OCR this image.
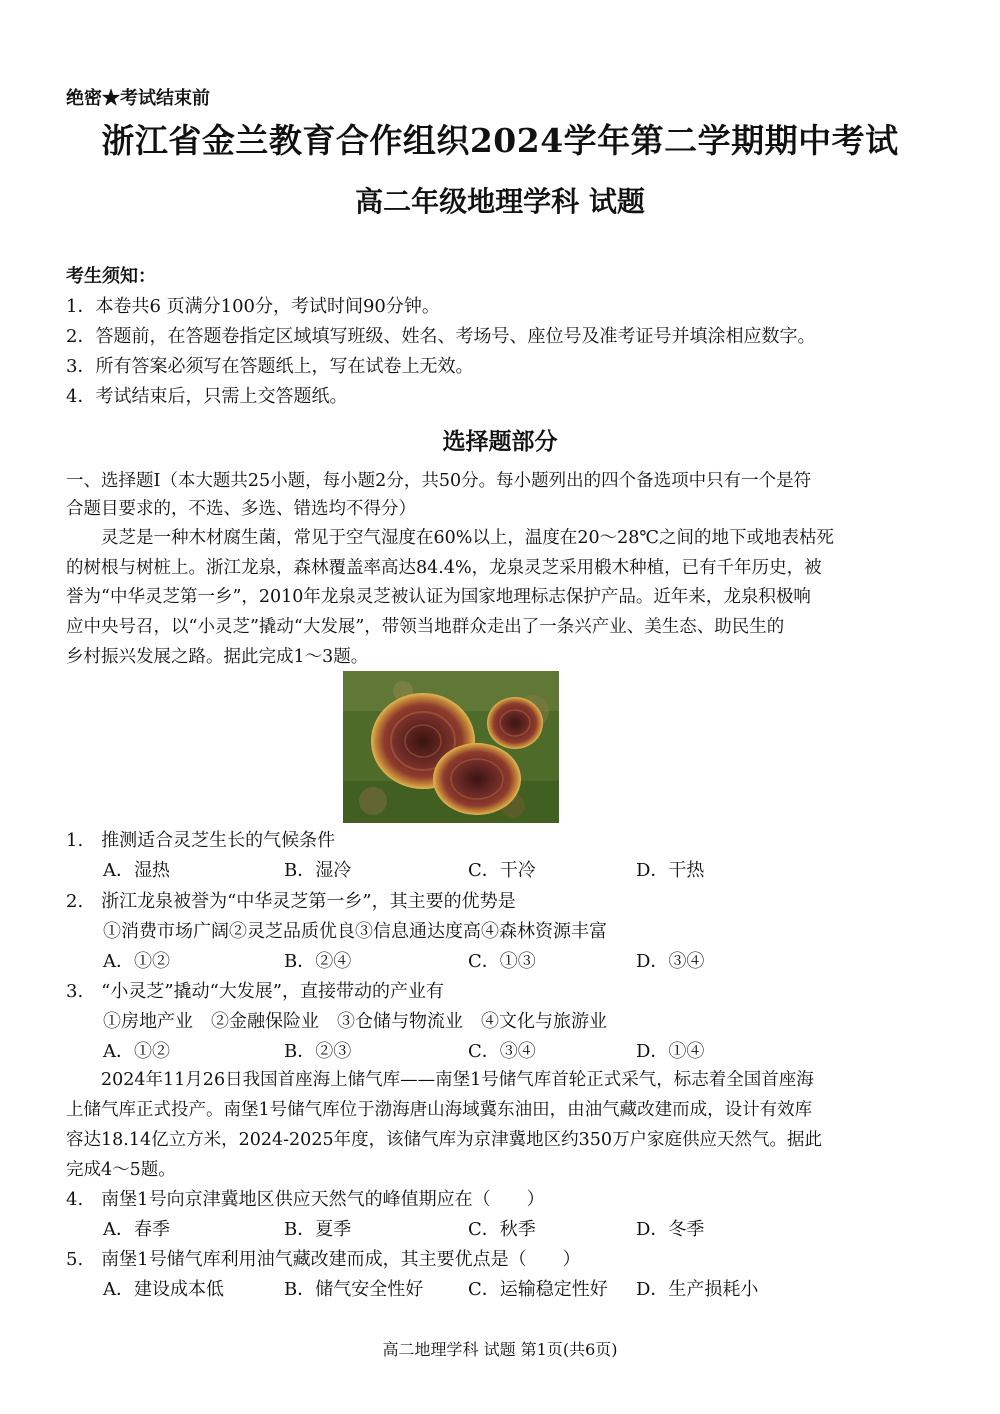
绝密★考试结束前
浙江省金兰教育合作组织2024学年第二学期期中考试
高二年级地理学科 试题
考生须知：
1．本卷共6 页满分100分，考试时间90分钟。
2．答题前，在答题卷指定区域填写班级、姓名、考场号、座位号及准考证号并填涂相应数字。
3．所有答案必须写在答题纸上，写在试卷上无效。
4．考试结束后，只需上交答题纸。
选择题部分
一、选择题Ⅰ（本大题共25小题，每小题2分，共50分。每小题列出的四个备选项中只有一个是符
合题目要求的，不选、多选、错选均不得分）
　　灵芝是一种木材腐生菌，常见于空气湿度在60%以上，温度在20～28℃之间的地下或地表枯死
的树根与树桩上。浙江龙泉，森林覆盖率高达84.4%，龙泉灵芝采用椴木种植，已有千年历史，被
誉为“中华灵芝第一乡”，2010年龙泉灵芝被认证为国家地理标志保护产品。近年来，龙泉积极响
应中央号召，以“小灵芝”撬动“大发展”，带领当地群众走出了一条兴产业、美生态、助民生的
乡村振兴发展之路。据此完成1～3题。
1.　推测适合灵芝生长的气候条件
A．湿热	B．湿冷	C．干冷	D．干热
2.　浙江龙泉被誉为“中华灵芝第一乡”，其主要的优势是
①消费市场广阔②灵芝品质优良③信息通达度高④森林资源丰富
A．①②	B．②④	C．①③	D．③④
3.　“小灵芝”撬动“大发展”，直接带动的产业有
①房地产业　②金融保险业　③仓储与物流业　④文化与旅游业
A．①②	B．②③	C．③④	D．①④
　　2024年11月26日我国首座海上储气库——南堡1号储气库首轮正式采气，标志着全国首座海
上储气库正式投产。南堡1号储气库位于渤海唐山海域冀东油田，由油气藏改建而成，设计有效库
容达18.14亿立方米，2024-2025年度，该储气库为京津冀地区约350万户家庭供应天然气。据此
完成4～5题。
4.　南堡1号向京津冀地区供应天然气的峰值期应在（　　）
A．春季	B．夏季	C．秋季	D．冬季
5.　南堡1号储气库利用油气藏改建而成，其主要优点是（　　）
A．建设成本低	B．储气安全性好 C．运输稳定性好 D．生产损耗小
高二地理学科 试题 第1页(共6页)
